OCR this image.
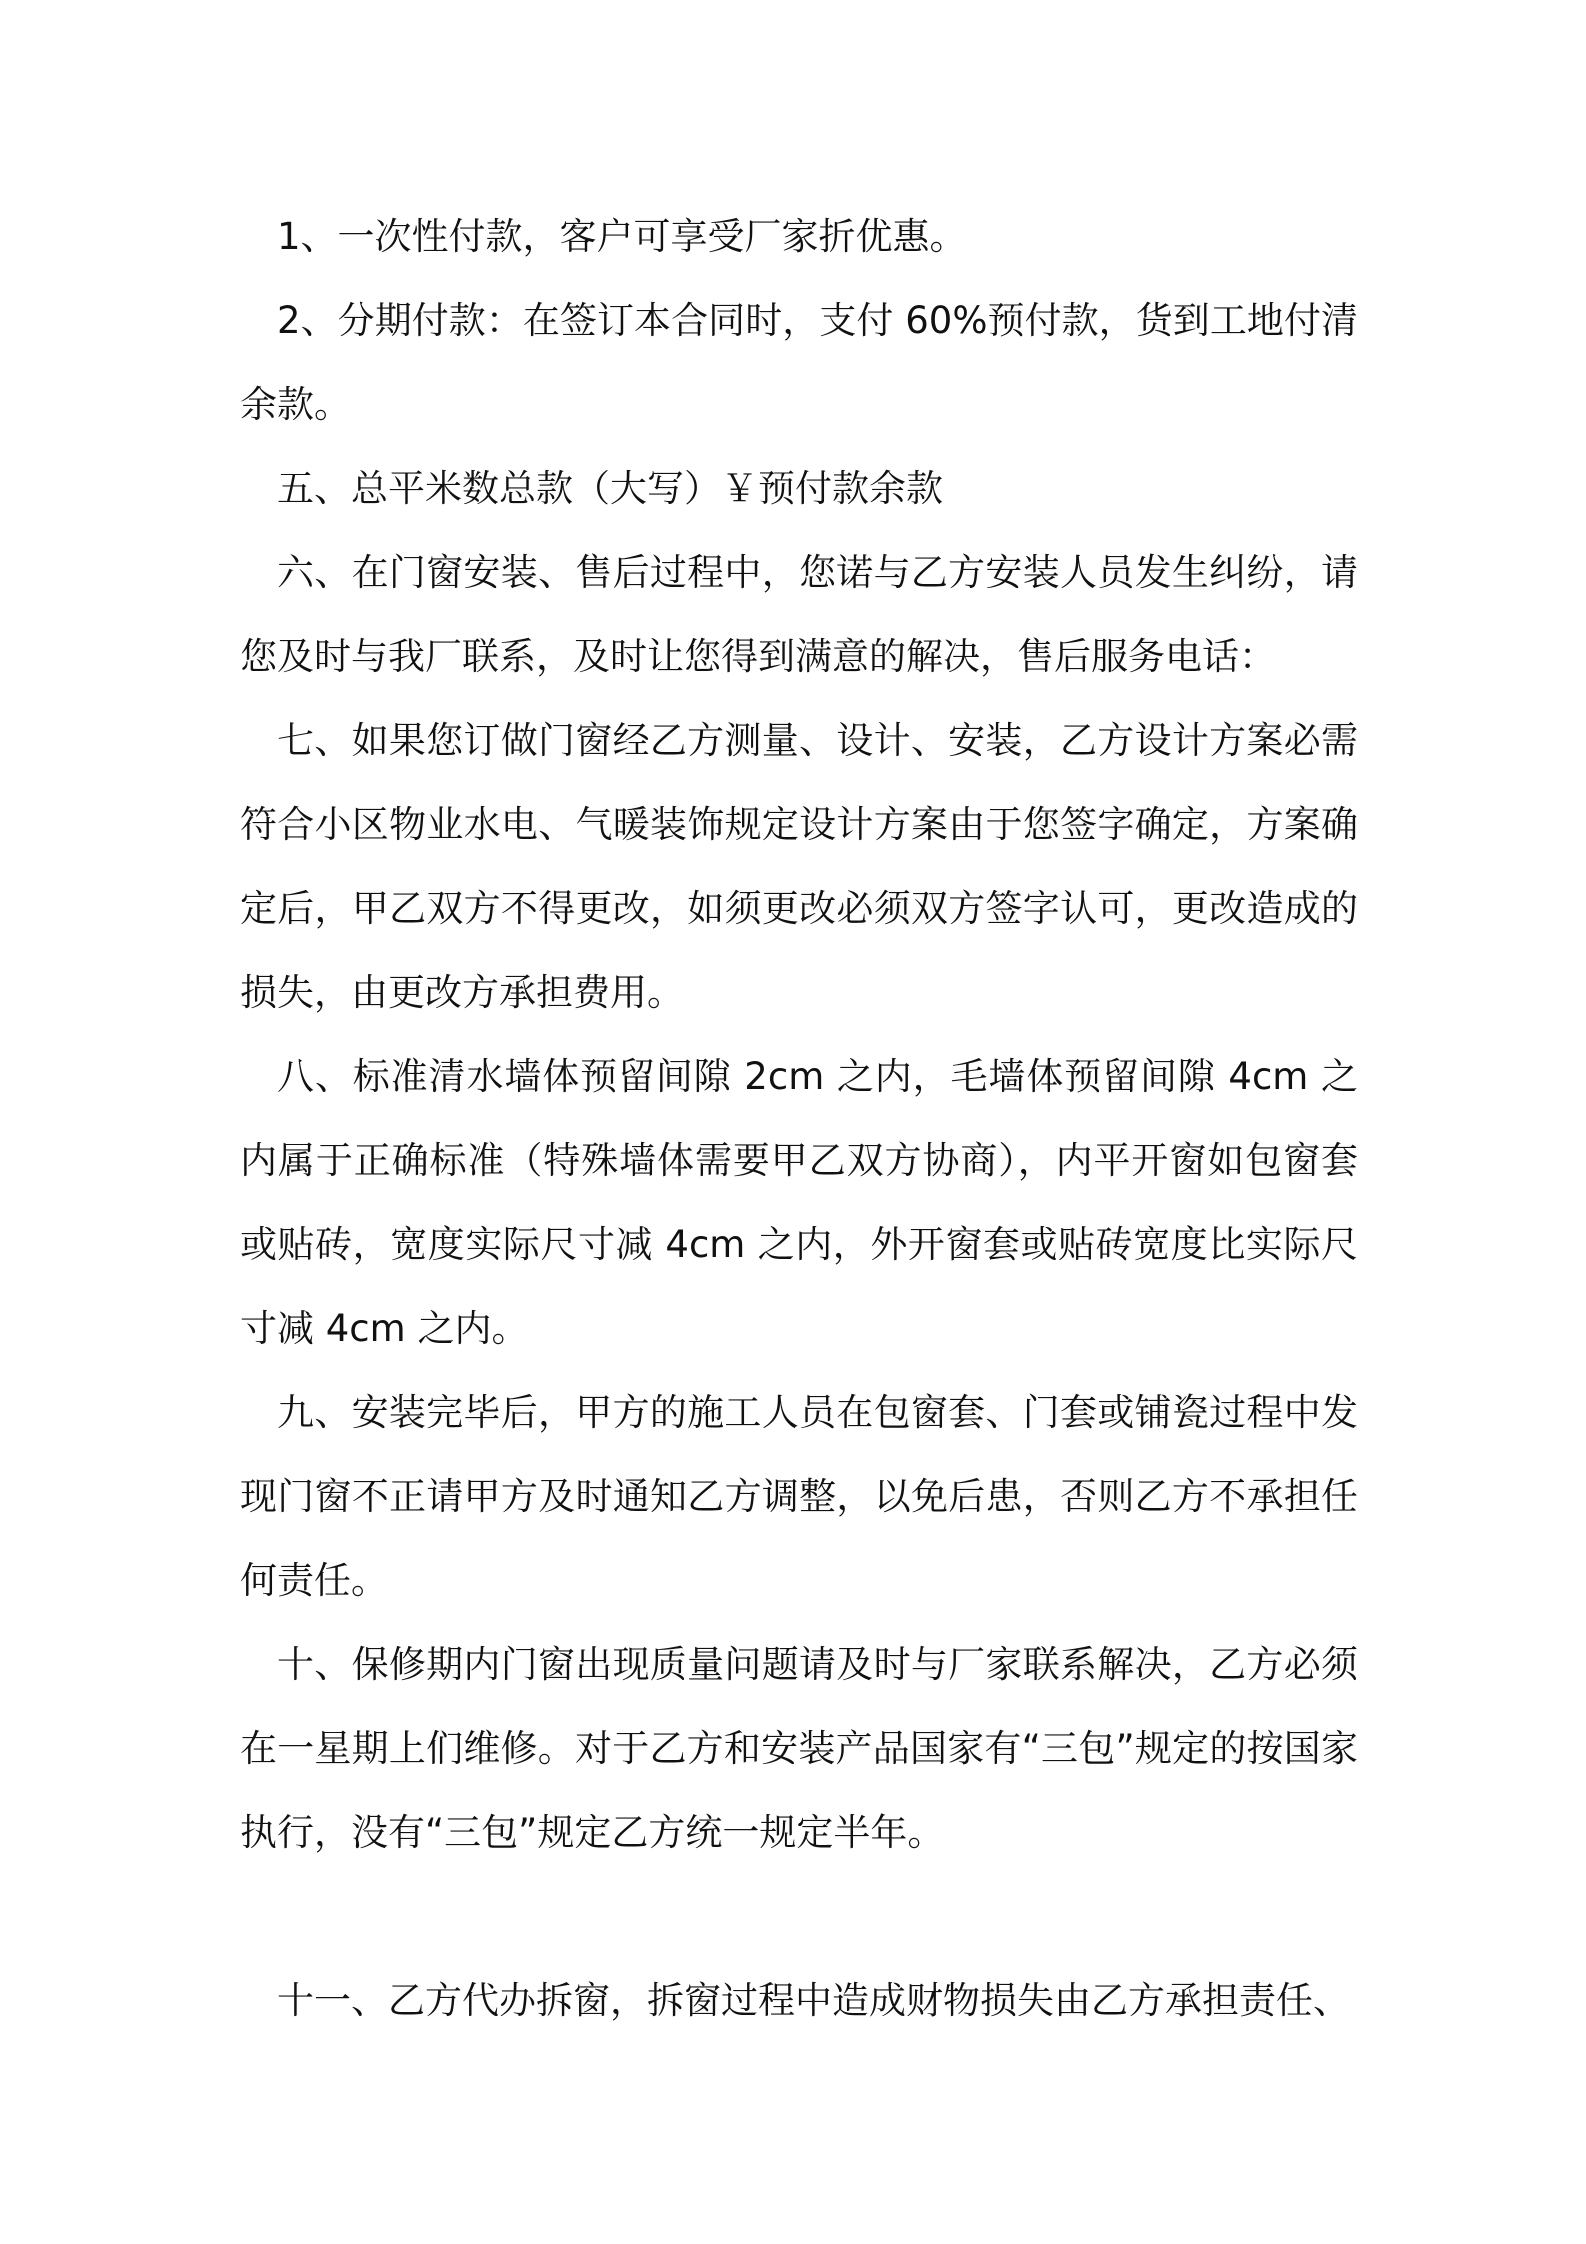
1、一次性付款，客户可享受厂家折优惠。

2、分期付款：在签订本合同时，支付 60%预付款，货到工地付清余款。

五、总平米数总款（大写）￥预付款余款

六、在门窗安装、售后过程中，您诺与乙方安装人员发生纠纷，请您及时与我厂联系，及时让您得到满意的解决，售后服务电话：

七、如果您订做门窗经乙方测量、设计、安装，乙方设计方案必需符合小区物业水电、气暖装饰规定设计方案由于您签字确定，方案确定后，甲乙双方不得更改，如须更改必须双方签字认可，更改造成的损失，由更改方承担费用。

八、标准清水墙体预留间隙 2cm 之内，毛墙体预留间隙 4cm 之内属于正确标准（特殊墙体需要甲乙双方协商），内平开窗如包窗套或贴砖，宽度实际尺寸减 4cm 之内，外开窗套或贴砖宽度比实际尺寸减 4cm 之内。

九、安装完毕后，甲方的施工人员在包窗套、门套或铺瓷过程中发现门窗不正请甲方及时通知乙方调整，以免后患，否则乙方不承担任何责任。

十、保修期内门窗出现质量问题请及时与厂家联系解决，乙方必须在一星期上们维修。对于乙方和安装产品国家有“三包”规定的按国家执行，没有“三包”规定乙方统一规定半年。

十一、乙方代办拆窗，拆窗过程中造成财物损失由乙方承担责任、
